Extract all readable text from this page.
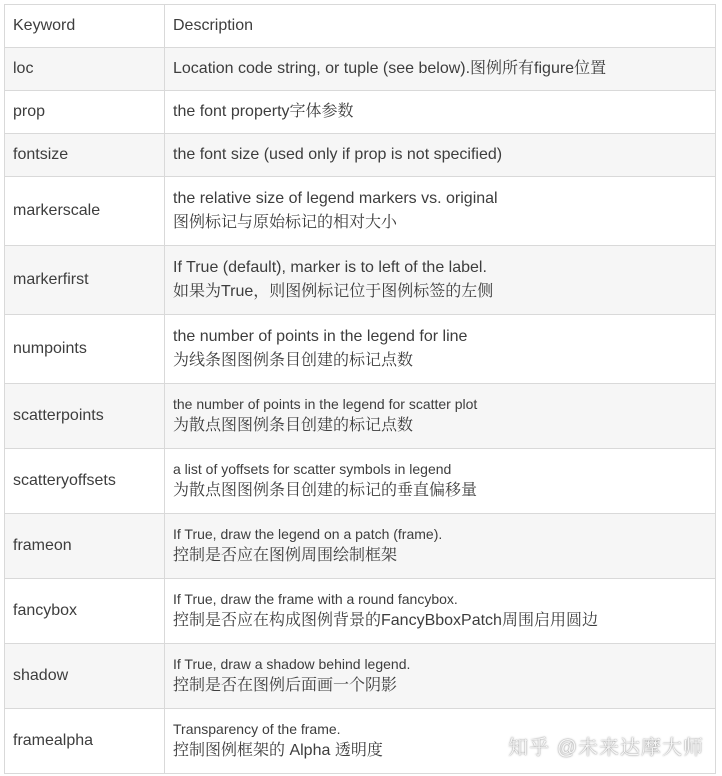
Keyword	Description
loc	Location code string, or tuple (see below).图例所有figure位置

prop	the font property字体参数

fontsize	the font size (used only if prop is not specified)

markerscale	the relative size of legend markers vs. original
图例标记与原始标记的相对大小

markerfirst	If True (default), marker is to left of the label.
如果为True，则图例标记位于图例标签的左侧

numpoints	the number of points in the legend for line
为线条图图例条目创建的标记点数

scatterpoints	the number of points in the legend for scatter plot
为散点图图例条目创建的标记点数

scatteryoffsets	a list of yoffsets for scatter symbols in legend
为散点图图例条目创建的标记的垂直偏移量

frameon	If True, draw the legend on a patch (frame).
控制是否应在图例周围绘制框架

fancybox	If True, draw the frame with a round fancybox.
控制是否应在构成图例背景的FancyBboxPatch周围启用圆边

shadow	If True, draw a shadow behind legend.
控制是否在图例后面画一个阴影

framealpha	Transparency of the frame.
控制图例框架的 Alpha 透明度	知乎 @未来达摩大师
